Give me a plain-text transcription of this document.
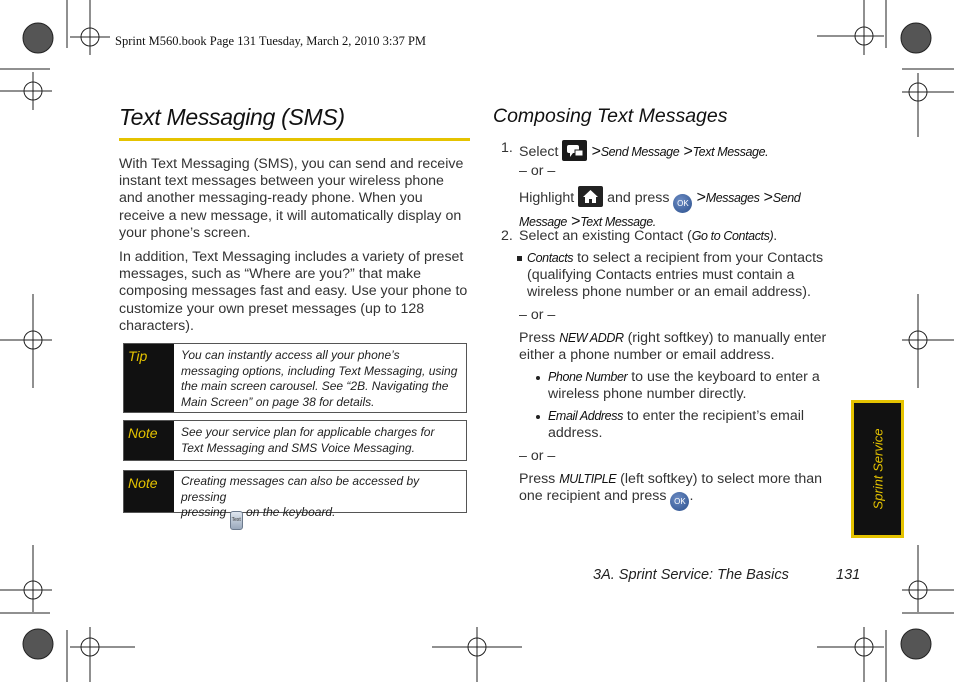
Sprint M560.book Page 131 Tuesday, March 2, 2010 3:37 PM
Text Messaging (SMS)

With Text Messaging (SMS), you can send and receive instant text messages between your wireless phone and another messaging-ready phone. When you receive a new message, it will automatically display on your phone’s screen.

In addition, Text Messaging includes a variety of preset messages, such as “Where are you?” that make composing messages fast and easy. Use your phone to customize your own preset messages (up to 128 characters).

Tip	You can instantly access all your phone’s messaging options, including Text Messaging, using the main screen carousel. See “2B. Navigating the Main Screen” on page 38 for details.
Note	See your service plan for applicable charges for Text Messaging and SMS Voice Messaging.
Note	Creating messages can also be accessed by pressing
pressing Text on the keyboard.
Composing Text Messages
1. Select >Send Message >Text Message.
– or –
Highlight and press OK >Messages >Send Message >Text Message.
2. Select an existing Contact (Go to Contacts).
Contacts to select a recipient from your Contacts (qualifying Contacts entries must contain a wireless phone number or an email address).
– or –
Press NEW ADDR (right softkey) to manually enter either a phone number or email address.
Phone Number to use the keyboard to enter a wireless phone number directly.
Email Address to enter the recipient’s email address.
– or –
Press MULTIPLE (left softkey) to select more than one recipient and press OK .	Sprint Service
3A. Sprint Service: The Basics	131
